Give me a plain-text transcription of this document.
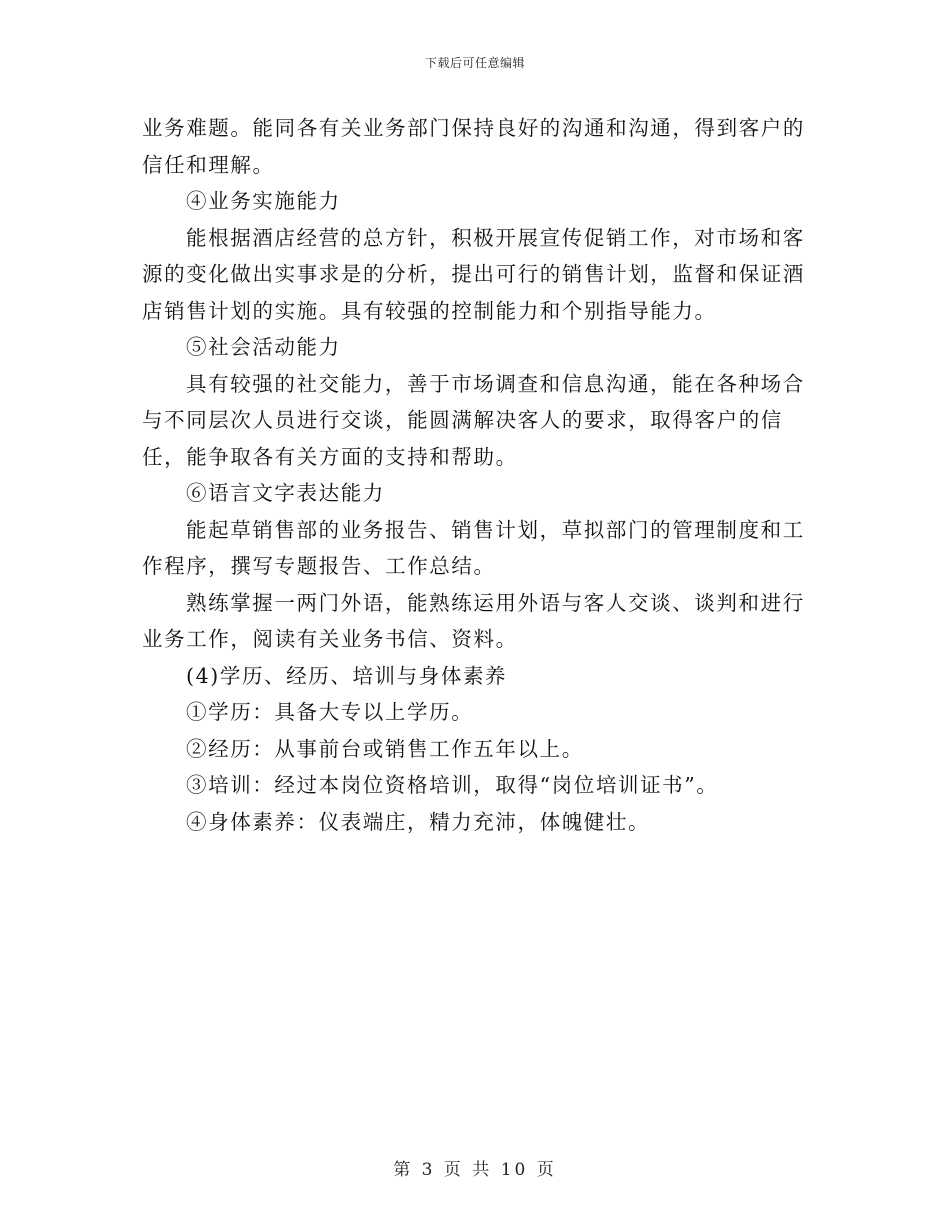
下载后可任意编辑

业务难题。能同各有关业务部门保持良好的沟通和沟通，得到客户的信任和理解。

④业务实施能力

能根据酒店经营的总方针，积极开展宣传促销工作，对市场和客源的变化做出实事求是的分析，提出可行的销售计划，监督和保证酒店销售计划的实施。具有较强的控制能力和个别指导能力。

⑤社会活动能力

具有较强的社交能力，善于市场调查和信息沟通，能在各种场合与不同层次人员进行交谈，能圆满解决客人的要求，取得客户的信任，能争取各有关方面的支持和帮助。

⑥语言文字表达能力

能起草销售部的业务报告、销售计划，草拟部门的管理制度和工作程序，撰写专题报告、工作总结。

熟练掌握一两门外语，能熟练运用外语与客人交谈、谈判和进行业务工作，阅读有关业务书信、资料。

(4)学历、经历、培训与身体素养

①学历：具备大专以上学历。

②经历：从事前台或销售工作五年以上。

③培训：经过本岗位资格培训，取得“岗位培训证书”。

④身体素养：仪表端庄，精力充沛，体魄健壮。

第 3 页 共 10 页
